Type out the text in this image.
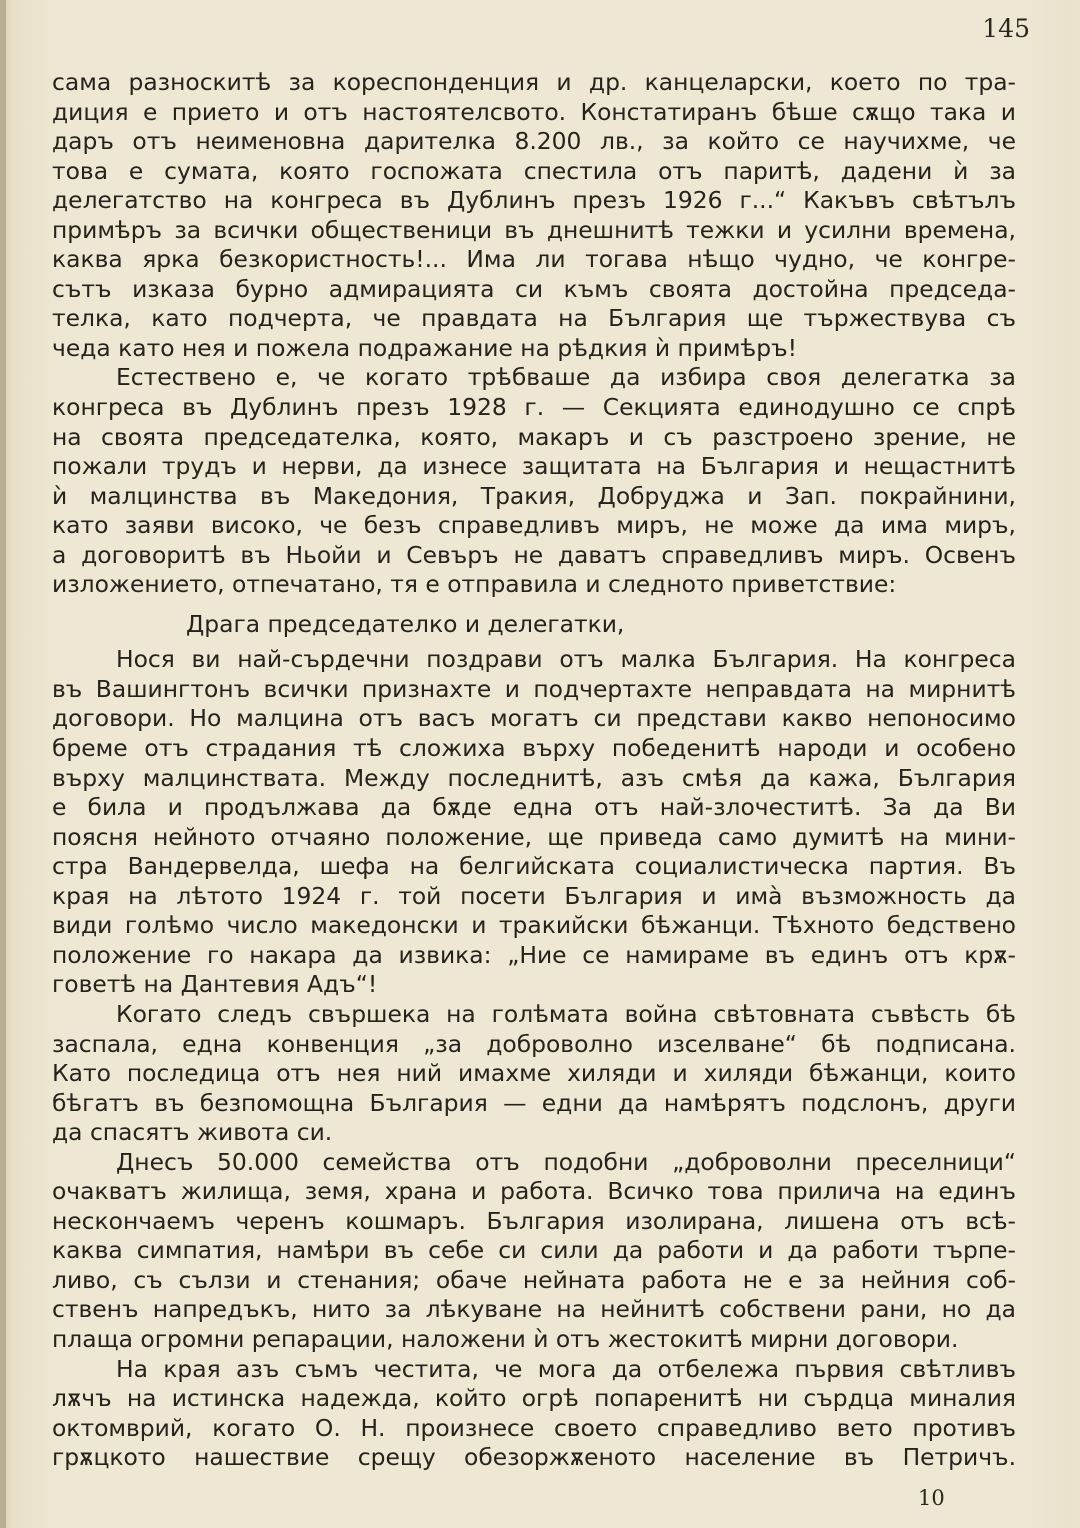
145
сама разноскитѣ за кореспонденция и др. канцеларски, което по тра-
диция е прието и отъ настоятелсвото. Констатиранъ бѣше сѫщо така и
даръ отъ неименовна дарителка 8.200 лв., за който се научихме, че
това е сумата, която госпожата спестила отъ паритѣ, дадени ѝ за
делегатство на конгреса въ Дублинъ презъ 1926 г...“ Какъвъ свѣтълъ
примѣръ за всички общественици въ днешнитѣ тежки и усилни времена,
каква ярка безкористность!... Има ли тогава нѣщо чудно, че конгре-
сътъ изказа бурно адмирацията си къмъ своята достойна председа-
телка, като подчерта, че правдата на България ще тържествува съ
чеда като нея и пожела подражание на рѣдкия ѝ примѣръ!
Естествено е, че когато трѣбваше да избира своя делегатка за
конгреса въ Дублинъ презъ 1928 г. — Секцията единодушно се спрѣ
на своята председателка, която, макаръ и съ разстроено зрение, не
пожали трудъ и нерви, да изнесе защитата на България и нещастнитѣ
ѝ малцинства въ Македония, Тракия, Добруджа и Зап. покрайнини,
като заяви високо, че безъ справедливъ миръ, не може да има миръ,
а договоритѣ въ Ньойи и Севъръ не даватъ справедливъ миръ. Освенъ
изложението, отпечатано, тя е отправила и следното приветствие:
Драга председателко и делегатки,
Нося ви най-сърдечни поздрави отъ малка България. На конгреса
въ Вашингтонъ всички признахте и подчертахте неправдата на мирнитѣ
договори. Но малцина отъ васъ могатъ си представи какво непоносимо
бреме отъ страдания тѣ сложиха върху победенитѣ народи и особено
върху малцинствата. Между последнитѣ, азъ смѣя да кажа, България
е била и продължава да бѫде една отъ най-злочеститѣ. За да Ви
поясня нейното отчаяно положение, ще приведа само думитѣ на мини-
стра Вандервелда, шефа на белгийската социалистическа партия. Въ
края на лѣтото 1924 г. той посети България и имà възможность да
види голѣмо число македонски и тракийски бѣжанци. Тѣхното бедствено
положение го накара да извика: „Ние се намираме въ единъ отъ крѫ-
говетѣ на Дантевия Адъ“!
Когато следъ свършека на голѣмата война свѣтовната съвѣсть бѣ
заспала, една конвенция „за доброволно изселване“ бѣ подписана.
Като последица отъ нея ний имахме хиляди и хиляди бѣжанци, които
бѣгатъ въ безпомощна България — едни да намѣрятъ подслонъ, други
да спасятъ живота си.
Днесъ 50.000 семейства отъ подобни „доброволни преселници“
очакватъ жилища, земя, храна и работа. Всичко това прилича на единъ
нескончаемъ черенъ кошмаръ. България изолирана, лишена отъ всѣ-
каква симпатия, намѣри въ себе си сили да работи и да работи търпе-
ливо, съ сълзи и стенания; обаче нейната работа не е за нейния соб-
ственъ напредъкъ, нито за лѣкуване на нейнитѣ собствени рани, но да
плаща огромни репарации, наложени ѝ отъ жестокитѣ мирни договори.
На края азъ съмъ честита, че мога да отбележа първия свѣтливъ
лѫчъ на истинска надежда, който огрѣ попаренитѣ ни сърдца миналия
октомврий, когато О. Н. произнесе своето справедливо вето противъ
грѫцкото нашествие срещу обезоржѫеното население въ Петричъ.
10
